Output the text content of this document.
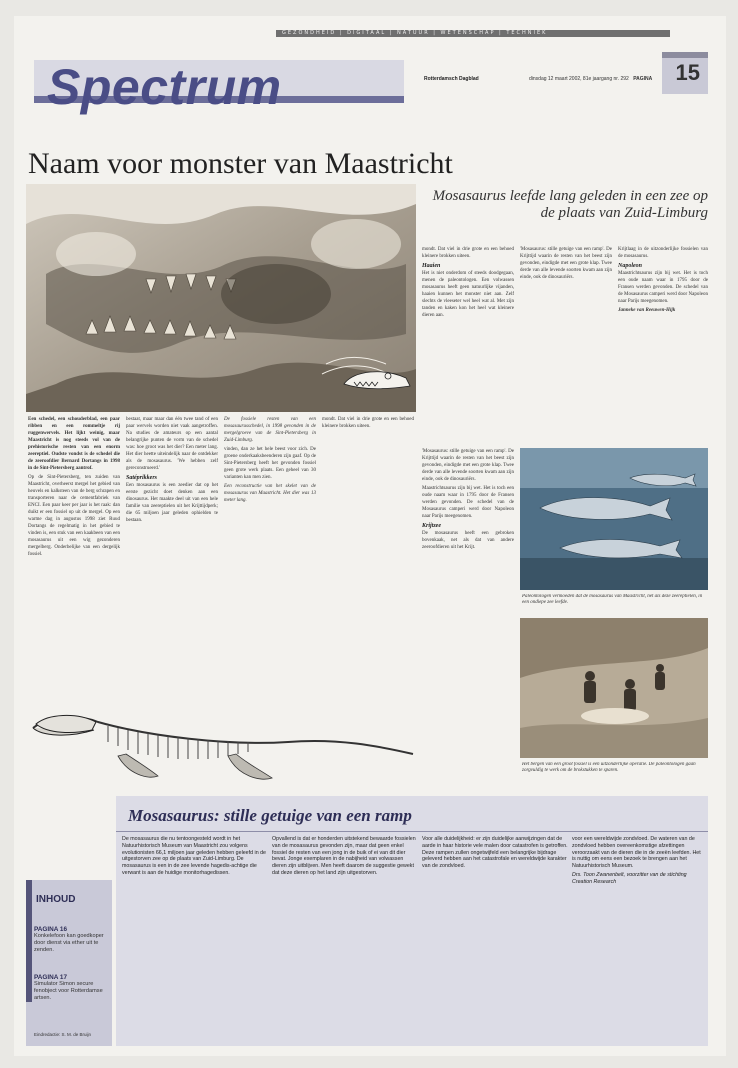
GEZONDHEID | DIGITAAL | NATUUR | WETENSCHAP | TECHNIEK
Spectrum	Rotterdamsch Dagblad	dinsdag 12 maart 2002, 81e jaargang nr. 292 PAGINA 15
Naam voor monster van Maastricht
Mosasaurus leefde lang geleden in een zee op de plaats van Zuid-Limburg

Een schedel, een schouderblad, een paar ribben en een rommeltje rij ruggenwervels. Het lijkt weinig, maar Maastricht is nog steeds vol van de prehistorische resten van een enorm zeereptiel. Oudste vondst is de schedel die de zeeroofdier Bernard Dortangs in 1998 in de Sint-Pietersberg aantrof.

Op de Sint-Pietersberg, ten zuiden van Maastricht, overheerst mergel het gebied van heuvels en kalksteen van de berg schrapen en transporteren naar de cementfabriek van ENCI. Een paar keer per jaar is het raak: dan duikt er een fossiel op uit de mergel. Op een warme dag in augustus 1998 ziet Ruud Dortangs de regelmatig in het gebied te vinden is, een stuk van een kaakbeen van een mosasaurus uit een wig gezonderen mergelberg. Onderbelijke van een dergelijk fossiel.

bestaat, maar maar dan één twee tand of een paar wervels worden niet vaak aangetroffen. Na studies de amateurs op een aantal belangrijke punten de vorm van de schedel was: hoe groot was het dier? Een meter lang. Het dier heette uiteindelijk naar de ontdekker als de mosasaurus. 'We hebben zelf gereconstrueerd.'

Satéprikkers

Een mosasaurus is een zeedier dat op het eerste gezicht doet denken aan een dinosaurus. Het maakte deel uit van een hele familie van zeereptielen uit het Krijttijdperk; die 65 miljoen jaar geleden ophielden te bestaan.

De fossiele resten van een mosasaurusschedel, in 1998 gevonden in de mergelgroeve van de Sint-Pietersberg in Zuid-Limburg.

vinden, dan ze het hele beest voor zich. De groene onderkaaksbeenderen zijn gaaf. Op de Sint-Pietersberg heeft het gevonden fossiel geen grote werk plaats. Een geheel van 30 varianten kan men zien.

Een reconstructie van het skelet van de mosasaurus van Maastricht. Het dier was 13 meter lang.

mondt. Dat viel in drie grote en een behoed kleinere brokken uiteen.

mondt. Dat viel in drie grote en een behoed kleinere brokken uiteen.

Haaien

Het is niet onderdom of steeds doodgegaan, menen de paleontologen. Een volwassen mosasaurus heeft geen natuurlijke vijanden, haaien kunnen het monster niet aan. Zelf slechts de vleeseter wel heel wat al. Met zijn tanden en kaken kon het heel wat kleinere dieren aan.

'Mosasaurus: stille getuige van een ramp'. De Krijttijd waarin de resten van het beest zijn gevonden, eindigde met een grote klap. Twee derde van alle levende soorten kwam aan zijn einde, ook de dinosauriërs.

Krijtlaag in de uitzonderlijke fossielen van de mosasaurus.

Napoleon

Maastrichtsaurus zijn bij wet. Het is toch een oude naam waar in 1795 door de Fransen werden gevonden. De schedel van de Mosasaurus camperi werd door Napoleon naar Parijs meegenomen.

Janneke van Reeuwen-Hijk

Paleontologen vermoeden dat de mosasaurus van Maastricht, net als deze zeereptielen, in een ondiepe zee leefde.
Het bergen van een groot fossiel is een uitzonderlijke operatie. De paleontologen gaan zorgvuldig te werk om de brokstukken te sparen.

'Mosasaurus: stille getuige van een ramp'. De Krijttijd waarin de resten van het beest zijn gevonden, eindigde met een grote klap. Twee derde van alle levende soorten kwam aan zijn einde, ook de dinosauriërs.

Maastrichtsaurus zijn bij wet. Het is toch een oude naam waar in 1795 door de Fransen werden gevonden. De schedel van de Mosasaurus camperi werd door Napoleon naar Parijs meegenomen.

Krijtzee

De mosasaurus heeft een gebroken bovenkaak, net als dat van andere zeeroofdieren uit het Krijt.

Mosasaurus: stille getuige van een ramp

De mosasaurus die nu tentoongesteld wordt in het Natuurhistorisch Museum van Maastricht zou volgens evolutionisten 66,1 miljoen jaar geleden hebben geleefd in de uitgestorven zee op de plaats van Zuid-Limburg. De mosasaurus is een in de zee levende hagedis-achtige die verwant is aan de huidige monitorhagedissen.

Opvallend is dat er honderden uitstekend bewaarde fossielen van de mosasaurus gevonden zijn, maar dat geen enkel fossiel de resten van een jong in de buik of ei van dit dier bevat. Jonge exemplaren in de nabijheid van volwassen dieren zijn uitblijven. Men heeft daarom de suggestie gewekt dat deze dieren op het land zijn uitgestorven.

Voor alle duidelijkheid: er zijn duidelijke aanwijzingen dat de aarde in haar historie vele malen door catastrofen is getroffen. Deze rampen zullen ongetwijfeld een belangrijke bijdrage geleverd hebben aan het catastrofale en wereldwijde karakter van de zondvloed.

voor een wereldwijde zondvloed. De wateren van de zondvloed hebben overeenkomstige afzettingen veroorzaakt van de dieren die in de zeeën leefden. Het is nuttig om eens een bezoek te brengen aan het Natuurhistorisch Museum.

Drs. Toon Zwanenbelt, voorzitter van de stichting Creation Research

INHOUD
PAGINA 16
Konkelefoon kan goedkoper door dienst via ether uit te zenden.
PAGINA 17
Simulator Simon secure fenobject voor Rotterdamse artsen.
Eindredactie: S. M. de Bruijn
